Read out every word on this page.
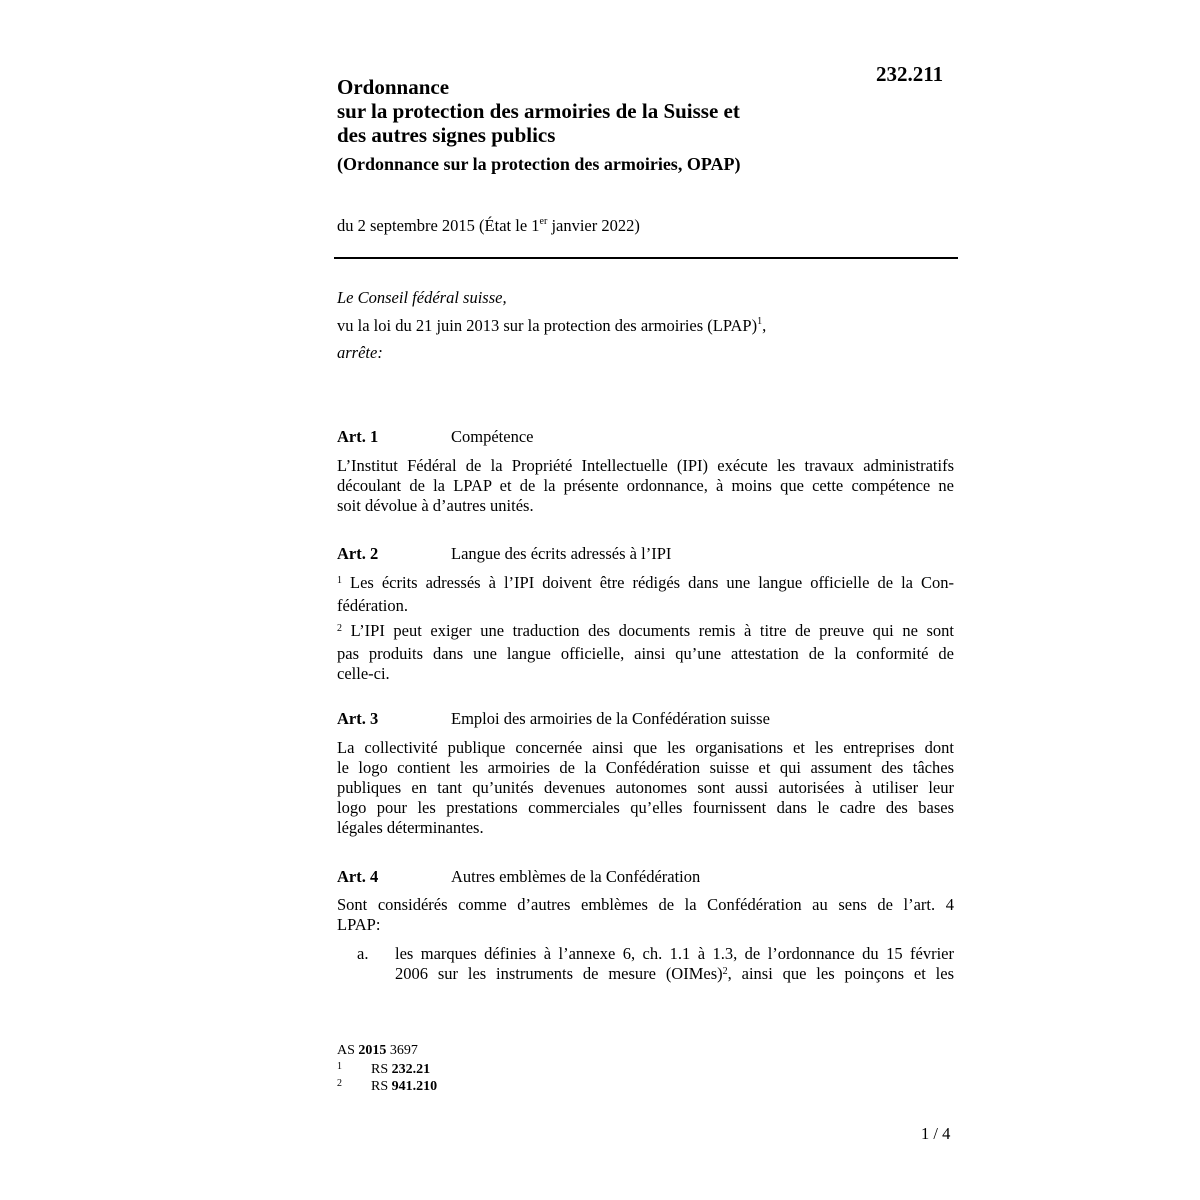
232.211
Ordonnance
sur la protection des armoiries de la Suisse et
des autres signes publics
(Ordonnance sur la protection des armoiries, OPAP)
du 2 septembre 2015 (État le 1er janvier 2022)
Le Conseil fédéral suisse,
vu la loi du 21 juin 2013 sur la protection des armoiries (LPAP)$^1$,
arrête:
Art. 1	Compétence
L’Institut Fédéral de la Propriété Intellectuelle (IPI) exécute les travaux administratifs
découlant de la LPAP et de la présente ordonnance, à moins que cette compétence ne
soit dévolue à d’autres unités.
Art. 2	Langue des écrits adressés à l’IPI
$^1$ Les écrits adressés à l’IPI doivent être rédigés dans une langue officielle de la Con-
fédération.
$^2$ L’IPI peut exiger une traduction des documents remis à titre de preuve qui ne sont
pas produits dans une langue officielle, ainsi qu’une attestation de la conformité de
celle-ci.
Art. 3	Emploi des armoiries de la Confédération suisse
La collectivité publique concernée ainsi que les organisations et les entreprises dont
le logo contient les armoiries de la Confédération suisse et qui assument des tâches
publiques en tant qu’unités devenues autonomes sont aussi autorisées à utiliser leur
logo pour les prestations commerciales qu’elles fournissent dans le cadre des bases
légales déterminantes.
Art. 4	Autres emblèmes de la Confédération
Sont considérés comme d’autres emblèmes de la Confédération au sens de l’art. 4
LPAP:
a. les marques définies à l’annexe 6, ch. 1.1 à 1.3, de l’ordonnance du 15 février
2006 sur les instruments de mesure (OIMes)$^2$, ainsi que les poinçons et les
AS 2015 3697
1 RS 232.21
2 RS 941.210
1 / 4
